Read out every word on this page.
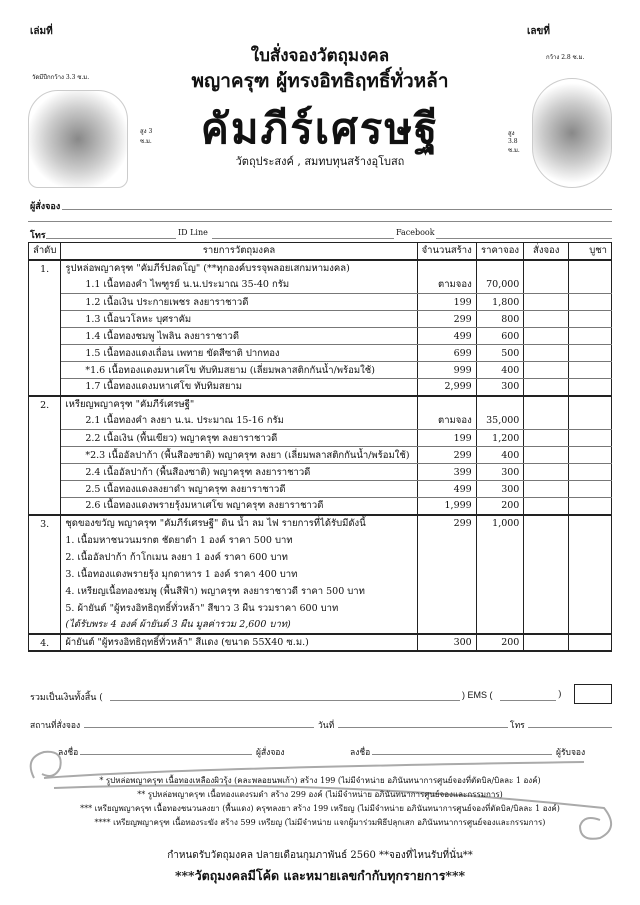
เล่มที่	เลขที่
ใบสั่งจองวัตถุมงคล
พญาครุฑ ผู้ทรงอิทธิฤทธิ์ทั่วหล้า
คัมภีร์เศรษฐี
วัตถุประสงค์ , สมทบทุนสร้างอุโบสถ
วัดมีปีกกว้าง 3.3 ซ.ม.
สูง 3 ซ.ม.
กว้าง 2.8 ซ.ม.
สูง 3.8 ซ.ม.
ผู้สั่งจอง
โทร	ID Line	Facebook
ลำดับ	รายการวัตถุมงคล	จำนวนสร้าง	ราคาจอง	สั่งจอง	บูชา
1.	รูปหล่อพญาครุฑ "คัมภีร์ปลดโญ" (**ทุกองค์บรรจุพลอยเสกมหามงคล)				
	1.1 เนื้อทองคำ ไพฑูรย์ น.น.ประมาณ 35-40 กรัม	ตามจอง	70,000		
	1.2 เนื้อเงิน ประกายเพชร ลงยาราชาวดี	199	1,800		
	1.3 เนื้อนวโลหะ บุศราคัม	299	800		
	1.4 เนื้อทองชมพู ไพลิน ลงยาราชาวดี	499	600		
	1.5 เนื้อทองแดงเถื่อน เพทาย ขัดสีซาติ ปากทอง	699	500		
	*1.6 เนื้อทองแดงมหาเศโข ทับทิมสยาม (เลี่ยมพลาสติกกันน้ำ/พร้อมใช้)	999	400		
	1.7 เนื้อทองแดงมหาเศโข ทับทิมสยาม	2,999	300		
2.	เหรียญพญาครุฑ "คัมภีร์เศรษฐี"				
	2.1 เนื้อทองคำ ลงยา น.น. ประมาณ 15-16 กรัม	ตามจอง	35,000		
	2.2 เนื้อเงิน (พื้นเขียว) พญาครุฑ ลงยาราชาวดี	199	1,200		
	*2.3 เนื้ออัลปาก้า (พื้นสีองซาติ) พญาครุฑ ลงยา (เลี่ยมพลาสติกกันน้ำ/พร้อมใช้)	299	400		
	2.4 เนื้ออัลปาก้า (พื้นสีองซาติ) พญาครุฑ ลงยาราชาวดี	399	300		
	2.5 เนื้อทองแดงลงยาดำ พญาครุฑ ลงยาราชาวดี	499	300		
	2.6 เนื้อทองแดงพรายรุ้งมหาเศโข พญาครุฑ ลงยาราชาวดี	1,999	200		
3.	ชุดของขวัญ พญาครุฑ "คัมภีร์เศรษฐี" ดิน น้ำ ลม ไฟ รายการที่ได้รับมีดังนี้	299	1,000		
	1. เนื้อมหาชนวนมรกต ชัดยาดำ 1 องค์ ราคา 500 บาท				
	2. เนื้ออัลปาก้า ก้าโกเมน ลงยา 1 องค์ ราคา 600 บาท				
	3. เนื้อทองแดงพรายรุ้ง มุกดาหาร 1 องค์ ราคา 400 บาท				
	4. เหรียญเนื้อทองชมพู (พื้นสีฟ้า) พญาครุฑ ลงยาราชาวดี ราคา 500 บาท				
	5. ผ้ายันต์ "ผู้ทรงอิทธิฤทธิ์ทั่วหล้า" สีขาว 3 ผืน รวมราคา 600 บาท				
	(ได้รับพระ 4 องค์ ผ้ายันต์ 3 ผืน มูลค่ารวม 2,600 บาท)				
4.	ผ้ายันต์ "ผู้ทรงอิทธิฤทธิ์ทั่วหล้า" สีแดง (ขนาด 55X40 ซ.ม.)	300	200		
รวมเป็นเงินทั้งสิ้น (	) EMS (	)
สถานที่สั่งจอง	วันที่	โทร
ลงชื่อ	ผู้สั่งจอง	ลงชื่อ	ผู้รับจอง
* รูปหล่อพญาครุฑ เนื้อทองเหลืองผิวรุ้ง (คละพลอยนพเก้า) สร้าง 199 (ไม่มีจำหน่าย อภินันทนาการศูนย์จองที่ตัดบิล/บิลละ 1 องค์)
** รูปหล่อพญาครุฑ เนื้อทองแดงรมดำ สร้าง 299 องค์ (ไม่มีจำหน่าย อภินันทนาการศูนย์จองและกรรมการ)
*** เหรียญพญาครุฑ เนื้อทองชนวนลงยา (พื้นแดง) ครุฑลงยา สร้าง 199 เหรียญ (ไม่มีจำหน่าย อภินันทนาการศูนย์จองที่ตัดบิล/บิลละ 1 องค์)
**** เหรียญพญาครุฑ เนื้อทองระฆัง สร้าง 599 เหรียญ (ไม่มีจำหน่าย แจกผู้มาร่วมพิธีปลุกเสก อภินันทนาการศูนย์จองและกรรมการ)
กำหนดรับวัตถุมงคล ปลายเดือนกุมภาพันธ์ 2560 **จองที่ไหนรับที่นั่น**
***วัตถุมงคลมีโค้ด และหมายเลขกำกับทุกรายการ***
